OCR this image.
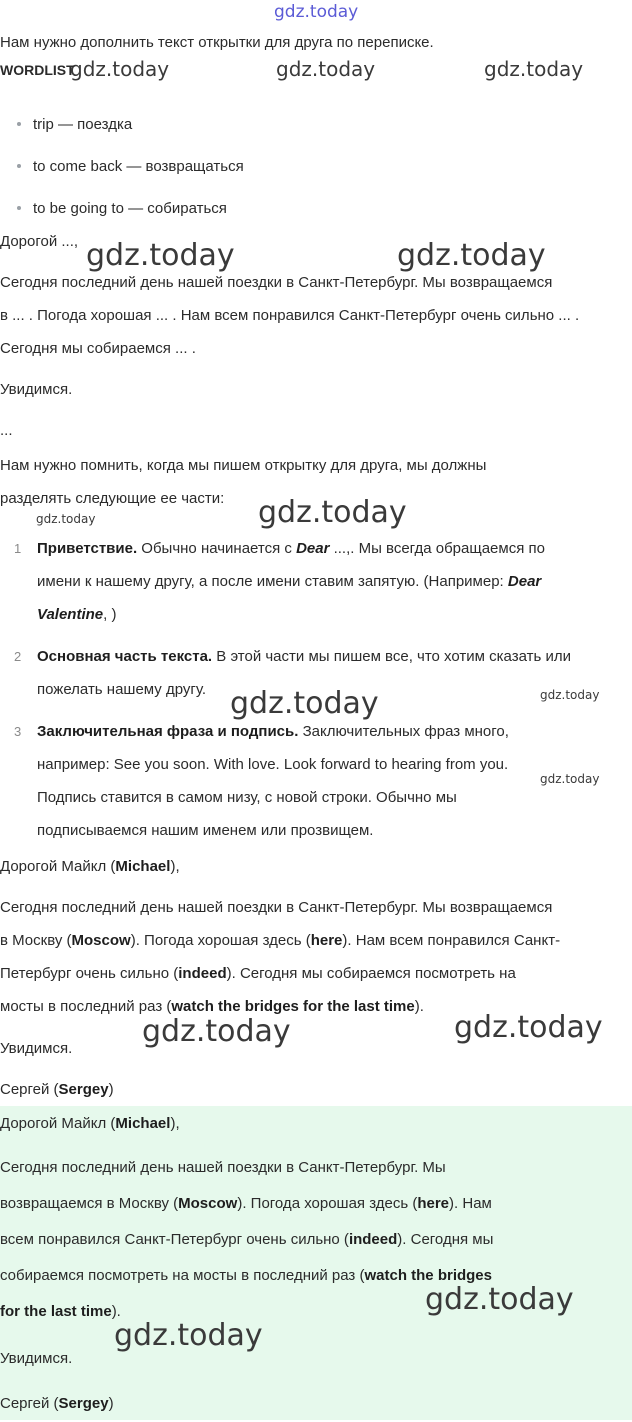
gdz.today
gdz.today	gdz.today	gdz.today
gdz.today	gdz.today
gdz.today	gdz.today
gdz.today	gdz.today
gdz.today
Нам нужно дополнить текст открытки для друга по переписке.
WORDLIST
trip — поездка
to come back — возвращаться
to be going to — собираться
Дорогой ...,
Сегодня последний день нашей поездки в Санкт-Петербург. Мы возвращаемся
в ... . Погода хорошая ... . Нам всем понравился Санкт-Петербург очень сильно ... .
Сегодня мы собираемся ... .
Увидимся.
...
Нам нужно помнить, когда мы пишем открытку для друга, мы должны
разделять следующие ее части:
1 Приветствие. Обычно начинается с Dear ...,. Мы всегда обращаемся по
имени к нашему другу, а после имени ставим запятую. (Например: Dear
Valentine, )
2 Основная часть текста. В этой части мы пишем все, что хотим сказать или
пожелать нашему другу.
3 Заключительная фраза и подпись. Заключительных фраз много,
например: See you soon. With love. Look forward to hearing from you.
Подпись ставится в самом низу, с новой строки. Обычно мы
подписываемся нашим именем или прозвищем.
Дорогой Майкл (Michael),
Сегодня последний день нашей поездки в Санкт-Петербург. Мы возвращаемся
в Москву (Moscow). Погода хорошая здесь (here). Нам всем понравился Санкт-
Петербург очень сильно (indeed). Сегодня мы собираемся посмотреть на
мосты в последний раз (watch the bridges for the last time).
Увидимся.
Сергей (Sergey)
gdz.today	gdz.today
Дорогой Майкл (Michael),
Сегодня последний день нашей поездки в Санкт-Петербург. Мы
возвращаемся в Москву (Moscow). Погода хорошая здесь (here). Нам
всем понравился Санкт-Петербург очень сильно (indeed). Сегодня мы
собираемся посмотреть на мосты в последний раз (watch the bridges
for the last time).
Увидимся.
Сергей (Sergey)
gdz.today
gdz.today
